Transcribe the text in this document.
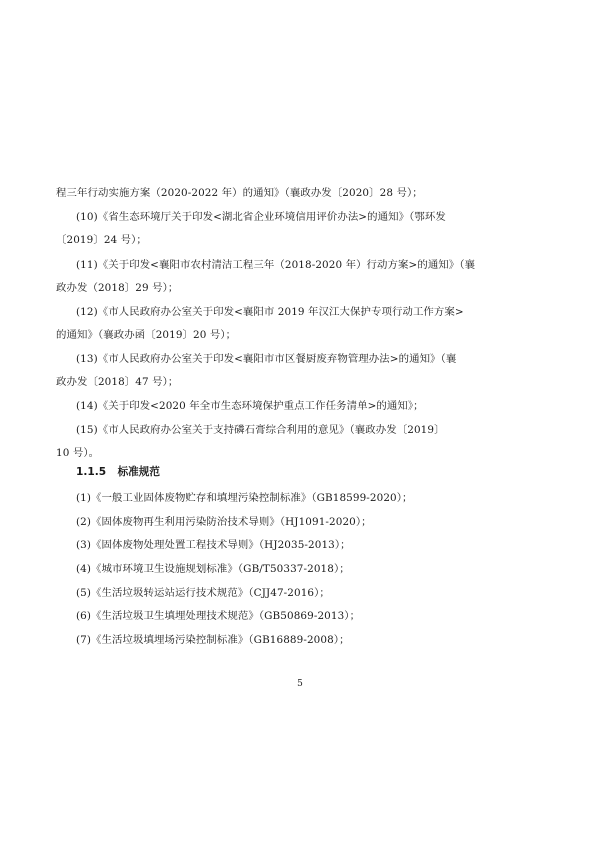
程三年行动实施方案（2020-2022 年）的通知》（襄政办发〔2020〕28 号）；
(10)《省生态环境厅关于印发<湖北省企业环境信用评价办法>的通知》（鄂环发
〔2019〕24 号）；
(11)《关于印发<襄阳市农村清洁工程三年（2018-2020 年）行动方案>的通知》（襄
政办发（2018〕29 号）；
(12)《市人民政府办公室关于印发<襄阳市 2019 年汉江大保护专项行动工作方案>
的通知》（襄政办函〔2019〕20 号）；
(13)《市人民政府办公室关于印发<襄阳市市区餐厨废弃物管理办法>的通知》（襄
政办发〔2018〕47 号）；
(14)《关于印发<2020 年全市生态环境保护重点工作任务清单>的通知》；
(15)《市人民政府办公室关于支持磷石膏综合利用的意见》（襄政办发〔2019〕
10 号）。
1.1.5 标准规范
(1)《一般工业固体废物贮存和填埋污染控制标准》（GB18599-2020）；
(2)《固体废物再生利用污染防治技术导则》（HJ1091-2020）；
(3)《固体废物处理处置工程技术导则》（HJ2035-2013）；
(4)《城市环境卫生设施规划标准》（GB/T50337-2018）；
(5)《生活垃圾转运站运行技术规范》（CJJ47-2016）；
(6)《生活垃圾卫生填埋处理技术规范》（GB50869-2013）；
(7)《生活垃圾填埋场污染控制标准》（GB16889-2008）；
5
